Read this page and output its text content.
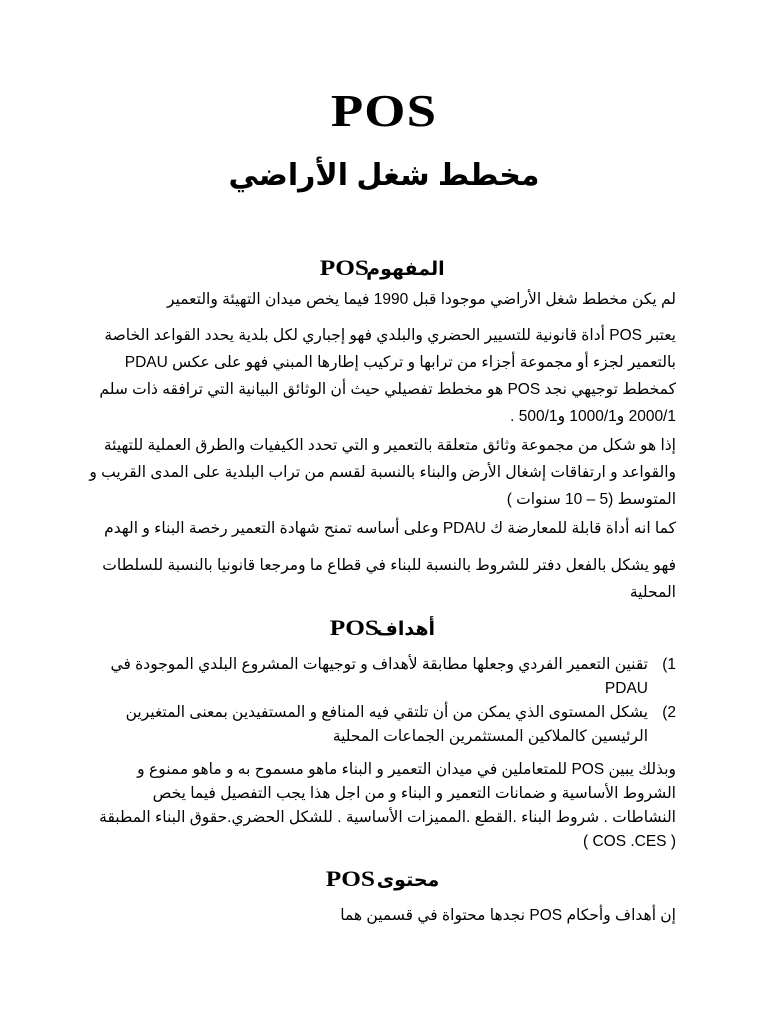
POS
مخطط شغل الأراضي
المفهومPOS
لم يكن مخطط شغل الأراضي موجودا قبل 1990 فيما يخص ميدان التهيئة والتعمير
يعتبر POS أداة قانونية للتسيير الحضري والبلدي فهو إجباري لكل بلدية يحدد القواعد الخاصة
بالتعمير لجزء أو مجموعة أجزاء من ترابها و تركيب إطارها المبني فهو على عكس PDAU
كمخطط توجيهي نجد POS هو مخطط تفصيلي حيث أن الوثائق البيانية التي ترافقه ذات سلم
2000/1 و1000/1 و500/1 .
إذا هو شكل من مجموعة وثائق متعلقة بالتعمير و التي تحدد الكيفيات والطرق العملية للتهيئة
والقواعد و ارتفاقات إشغال الأرض والبناء بالنسبة لقسم من تراب البلدية على المدى القريب و
المتوسط (5 – 10 سنوات )
كما انه أداة قابلة للمعارضة ك PDAU وعلى أساسه تمنح شهادة التعمير رخصة البناء و الهدم
فهو يشكل بالفعل دفتر للشروط بالنسبة للبناء في قطاع ما ومرجعا قانونيا بالنسبة للسلطات
المحلية
أهدافPOS
تقنين التعمير الفردي وجعلها مطابقة لأهداف و توجيهات المشروع البلدي الموجودة في 1)
PDAU
يشكل المستوى الذي يمكن من أن تلتقي فيه المنافع و المستفيدين بمعنى المتغيرين 2)
الرئيسين كالملاكين المستثمرين الجماعات المحلية
وبذلك يبين POS للمتعاملين في ميدان التعمير و البناء ماهو مسموح به و ماهو ممنوع و
الشروط الأساسية و ضمانات التعمير و البناء و من اجل هذا يجب التفصيل فيما يخص
النشاطات . شروط البناء .القطع .المميزات الأساسية . للشكل الحضري.حقوق البناء المطبقة
( COS .CES )
محتوى POS
إن أهداف وأحكام POS نجدها محتواة في قسمين هما
